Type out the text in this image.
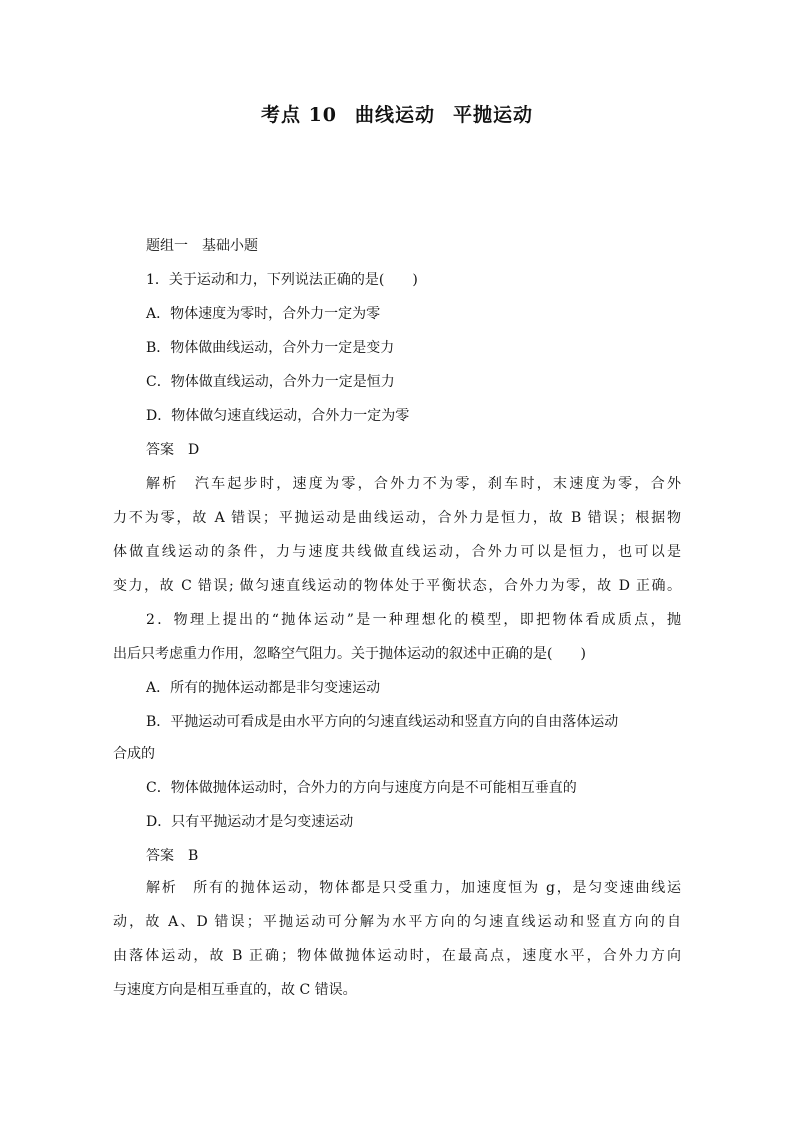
考点 10 曲线运动 平抛运动
题组一　基础小题
1．关于运动和力，下列说法正确的是(　　)
A．物体速度为零时，合外力一定为零
B．物体做曲线运动，合外力一定是变力
C．物体做直线运动，合外力一定是恒力
D．物体做匀速直线运动，合外力一定为零
答案 D
解析 汽车起步时，速度为零，合外力不为零，刹车时，末速度为零，合外
力不为零，故 A 错误；平抛运动是曲线运动，合外力是恒力，故 B 错误；根据物
体做直线运动的条件，力与速度共线做直线运动，合外力可以是恒力，也可以是
变力，故 C 错误; 做匀速直线运动的物体处于平衡状态，合外力为零，故 D 正确。
2．物理上提出的“抛体运动”是一种理想化的模型，即把物体看成质点，抛
出后只考虑重力作用，忽略空气阻力。关于抛体运动的叙述中正确的是(　　)
A．所有的抛体运动都是非匀变速运动
B．平抛运动可看成是由水平方向的匀速直线运动和竖直方向的自由落体运动
合成的
C．物体做抛体运动时，合外力的方向与速度方向是不可能相互垂直的
D．只有平抛运动才是匀变速运动
答案 B
解析 所有的抛体运动，物体都是只受重力，加速度恒为 g，是匀变速曲线运
动，故 A、D 错误；平抛运动可分解为水平方向的匀速直线运动和竖直方向的自
由落体运动，故 B 正确；物体做抛体运动时，在最高点，速度水平，合外力方向
与速度方向是相互垂直的，故 C 错误。
